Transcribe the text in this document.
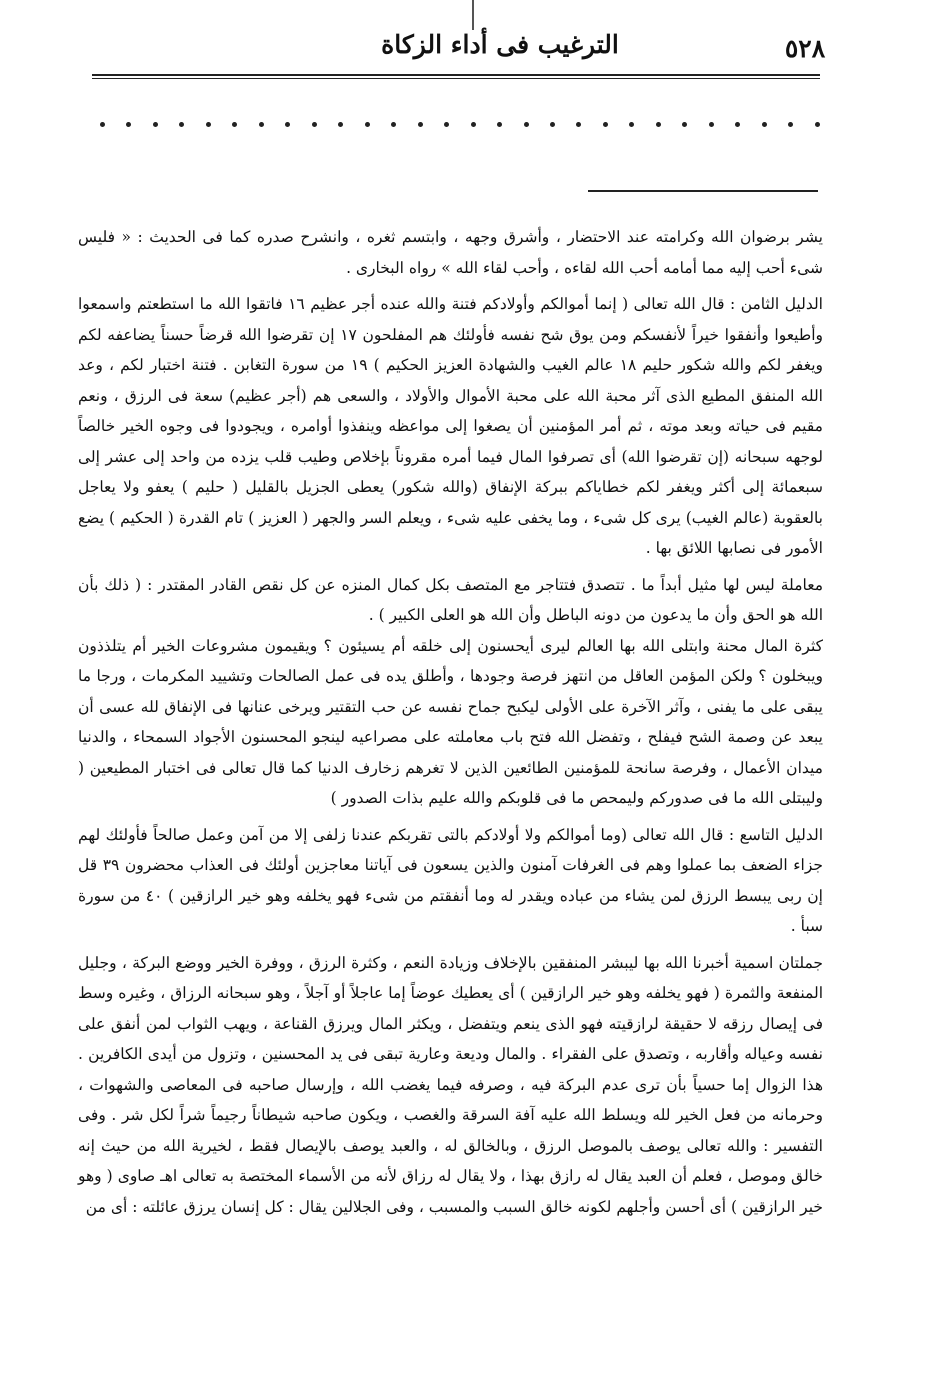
٥٢٨
الترغيب فى أداء الزكاة

يشر برضوان الله وكرامته عند الاحتضار ، وأشرق وجهه ، وابتسم ثغره ، وانشرح صدره كما فى الحديث : « فليس شىء أحب إليه مما أمامه أحب الله لقاءه ، وأحب لقاء الله » رواه البخارى .

الدليل الثامن : قال الله تعالى ( إنما أموالكم وأولادكم فتنة والله عنده أجر عظيم ١٦ فاتقوا الله ما استطعتم واسمعوا وأطيعوا وأنفقوا خيراً لأنفسكم ومن يوق شح نفسه فأولئك هم المفلحون ١٧ إن تقرضوا الله قرضاً حسناً يضاعفه لكم ويغفر لكم والله شكور حليم ١٨ عالم الغيب والشهادة العزيز الحكيم ) ١٩ من سورة التغابن . فتنة اختبار لكم ، وعد الله المنفق المطيع الذى آثر محبة الله على محبة الأموال والأولاد ، والسعى هم (أجر عظيم) سعة فى الرزق ، ونعم مقيم فى حياته وبعد موته ، ثم أمر المؤمنين أن يصغوا إلى مواعظه وينفذوا أوامره ، ويجودوا فى وجوه الخير خالصاً لوجهه سبحانه (إن تقرضوا الله) أى تصرفوا المال فيما أمره مقروناً بإخلاص وطيب قلب يزده من واحد إلى عشر إلى سبعمائة إلى أكثر ويغفر لكم خطاياكم ببركة الإنفاق (والله شكور) يعطى الجزيل بالقليل ( حليم ) يعفو ولا يعاجل بالعقوبة (عالم الغيب) يرى كل شىء ، وما يخفى عليه شىء ، ويعلم السر والجهر ( العزيز ) تام القدرة ( الحكيم ) يضع الأمور فى نصابها اللائق بها .

معاملة ليس لها مثيل أبداً ما . تتصدق فتتاجر مع المتصف بكل كمال المنزه عن كل نقص القادر المقتدر : ( ذلك بأن الله هو الحق وأن ما يدعون من دونه الباطل وأن الله هو العلى الكبير ) .

كثرة المال محنة وابتلى الله بها العالم ليرى أيحسنون إلى خلقه أم يسيئون ؟ ويقيمون مشروعات الخير أم يتلذذون ويبخلون ؟ ولكن المؤمن العاقل من انتهز فرصة وجودها ، وأطلق يده فى عمل الصالحات وتشييد المكرمات ، ورجا ما يبقى على ما يفنى ، وآثر الآخرة على الأولى ليكبح جماح نفسه عن حب التقتير ويرخى عنانها فى الإنفاق لله عسى أن يبعد عن وصمة الشح فيفلح ، وتفضل الله فتح باب معاملته على مصراعيه لينجو المحسنون الأجواد السمحاء ، والدنيا ميدان الأعمال ، وفرصة سانحة للمؤمنين الطائعين الذين لا تغرهم زخارف الدنيا كما قال تعالى فى اختبار المطيعين ( وليبتلى الله ما فى صدوركم وليمحص ما فى قلوبكم والله عليم بذات الصدور )

الدليل التاسع : قال الله تعالى (وما أموالكم ولا أولادكم بالتى تقربكم عندنا زلفى إلا من آمن وعمل صالحاً فأولئك لهم جزاء الضعف بما عملوا وهم فى الغرفات آمنون والذين يسعون فى آياتنا معاجزين أولئك فى العذاب محضرون ٣٩ قل إن ربى يبسط الرزق لمن يشاء من عباده ويقدر له وما أنفقتم من شىء فهو يخلفه وهو خير الرازقين ) ٤٠ من سورة سبأ .

جملتان اسمية أخبرنا الله بها ليبشر المنفقين بالإخلاف وزيادة النعم ، وكثرة الرزق ، ووفرة الخير ووضع البركة ، وجليل المنفعة والثمرة ( فهو يخلفه وهو خير الرازقين ) أى يعطيك عوضاً إما عاجلاً أو آجلاً ، وهو سبحانه الرزاق ، وغيره وسط فى إيصال رزقه لا حقيقة لرازقيته فهو الذى ينعم ويتفضل ، ويكثر المال ويرزق القناعة ، ويهب الثواب لمن أنفق على نفسه وعياله وأقاربه ، وتصدق على الفقراء . والمال وديعة وعارية تبقى فى يد المحسنين ، وتزول من أيدى الكافرين . هذا الزوال إما حسياً بأن ترى عدم البركة فيه ، وصرفه فيما يغضب الله ، وإرسال صاحبه فى المعاصى والشهوات ، وحرمانه من فعل الخير لله ويسلط الله عليه آفة السرقة والغصب ، ويكون صاحبه شيطاناً رجيماً شراً لكل شر . وفى التفسير : والله تعالى يوصف بالموصل الرزق ، وبالخالق له ، والعبد يوصف بالإيصال فقط ، لخيرية الله من حيث إنه خالق وموصل ، فعلم أن العبد يقال له رازق بهذا ، ولا يقال له رزاق لأنه من الأسماء المختصة به تعالى اهـ صاوى ( وهو خير الرازقين ) أى أحسن وأجلهم لكونه خالق السبب والمسبب ، وفى الجلالين يقال : كل إنسان يرزق عائلته : أى من
